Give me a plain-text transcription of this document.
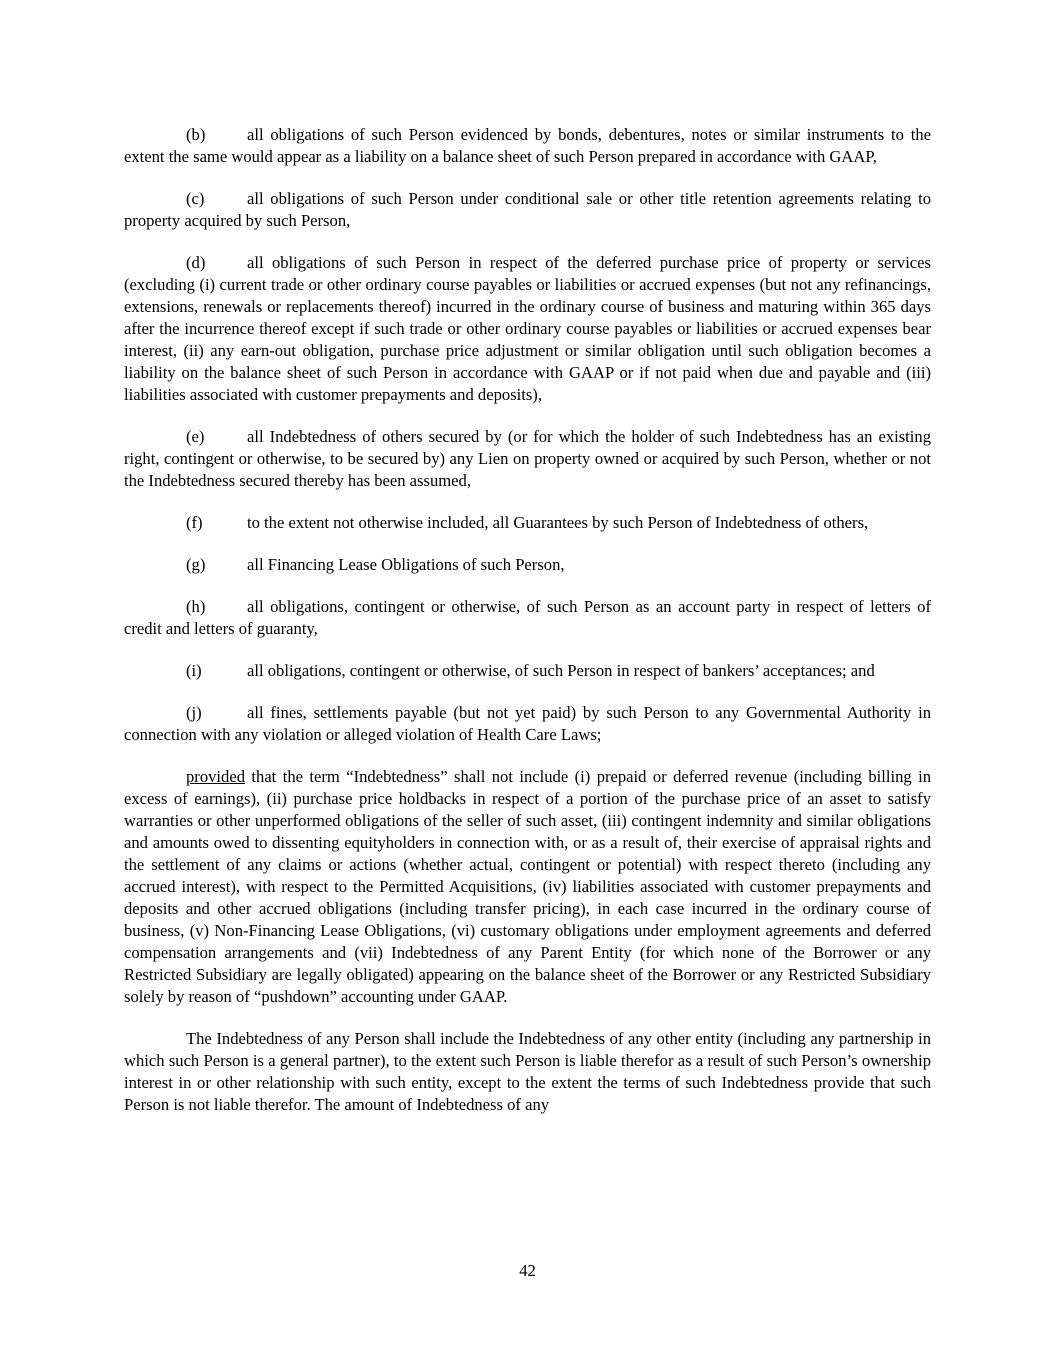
(b)	all obligations of such Person evidenced by bonds, debentures, notes or similar instruments to the extent the same would appear as a liability on a balance sheet of such Person prepared in accordance with GAAP,

(c)	all obligations of such Person under conditional sale or other title retention agreements relating to property acquired by such Person,

(d)	all obligations of such Person in respect of the deferred purchase price of property or services (excluding (i) current trade or other ordinary course payables or liabilities or accrued expenses (but not any refinancings, extensions, renewals or replacements thereof) incurred in the ordinary course of business and maturing within 365 days after the incurrence thereof except if such trade or other ordinary course payables or liabilities or accrued expenses bear interest, (ii) any earn-out obligation, purchase price adjustment or similar obligation until such obligation becomes a liability on the balance sheet of such Person in accordance with GAAP or if not paid when due and payable and (iii) liabilities associated with customer prepayments and deposits),

(e)	all Indebtedness of others secured by (or for which the holder of such Indebtedness has an existing right, contingent or otherwise, to be secured by) any Lien on property owned or acquired by such Person, whether or not the Indebtedness secured thereby has been assumed,

(f)	to the extent not otherwise included, all Guarantees by such Person of Indebtedness of others,

(g)	all Financing Lease Obligations of such Person,

(h)	all obligations, contingent or otherwise, of such Person as an account party in respect of letters of credit and letters of guaranty,

(i)	all obligations, contingent or otherwise, of such Person in respect of bankers’ acceptances; and

(j)	all fines, settlements payable (but not yet paid) by such Person to any Governmental Authority in connection with any violation or alleged violation of Health Care Laws;

provided that the term “Indebtedness” shall not include (i) prepaid or deferred revenue (including billing in excess of earnings), (ii) purchase price holdbacks in respect of a portion of the purchase price of an asset to satisfy warranties or other unperformed obligations of the seller of such asset, (iii) contingent indemnity and similar obligations and amounts owed to dissenting equityholders in connection with, or as a result of, their exercise of appraisal rights and the settlement of any claims or actions (whether actual, contingent or potential) with respect thereto (including any accrued interest), with respect to the Permitted Acquisitions, (iv) liabilities associated with customer prepayments and deposits and other accrued obligations (including transfer pricing), in each case incurred in the ordinary course of business, (v) Non-Financing Lease Obligations, (vi) customary obligations under employment agreements and deferred compensation arrangements and (vii) Indebtedness of any Parent Entity (for which none of the Borrower or any Restricted Subsidiary are legally obligated) appearing on the balance sheet of the Borrower or any Restricted Subsidiary solely by reason of “pushdown” accounting under GAAP.

The Indebtedness of any Person shall include the Indebtedness of any other entity (including any partnership in which such Person is a general partner), to the extent such Person is liable therefor as a result of such Person’s ownership interest in or other relationship with such entity, except to the extent the terms of such Indebtedness provide that such Person is not liable therefor. The amount of Indebtedness of any

42
